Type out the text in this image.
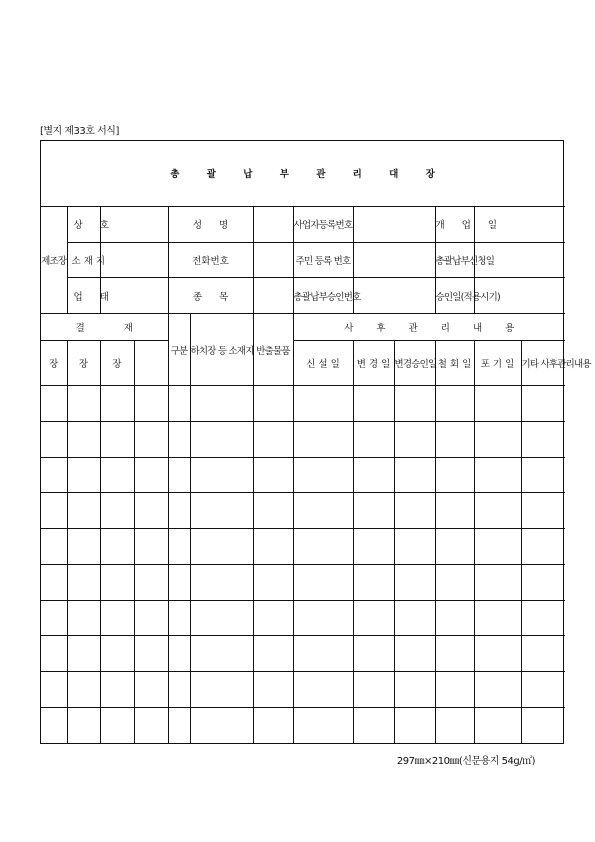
[별지 제33호 서식]
총 괄 납 부 관 리 대 장												
제조장	상 호			성 명			사업자등록번호			개 업 일		
	소 재 지			전화번호			주민 등록 번호			총괄납부신청일		
	업 태			종 목			총괄납부승인번호			승인일(적용시기)		
결 재				구분	하치장 등 소재지	반출물품	사 후 관 리 내 용					
장	장	장					신 설 일	변 경 일	변경승인일	철 회 일	포 기 일	기타 사후관리내용

297㎜×210㎜(신문용지 54g/㎡)
